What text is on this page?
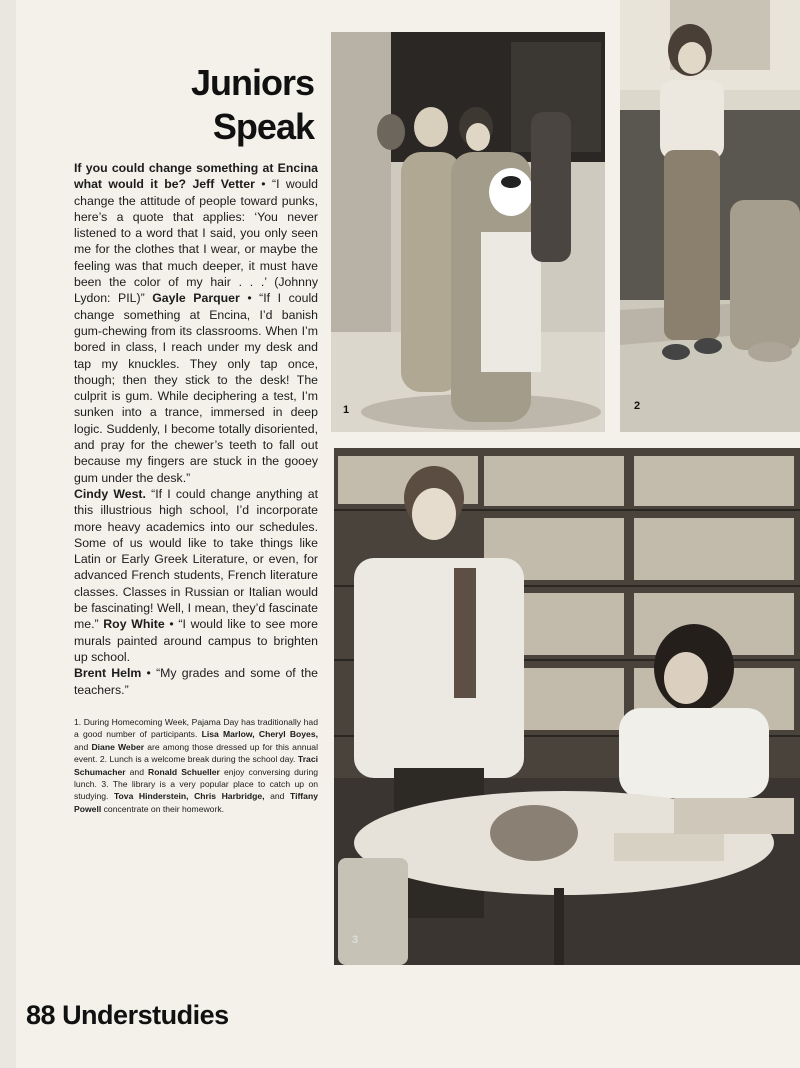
Juniors
Speak

If you could change something at Encina what would it be? Jeff Vetter • “I would change the attitude of people toward punks, here’s a quote that applies: ‘You never listened to a word that I said, you only seen me for the clothes that I wear, or maybe the feeling was that much deeper, it must have been the color of my hair . . .’ (Johnny Lydon: PIL)” Gayle Parquer • “If I could change something at Encina, I’d banish gum-chewing from its classrooms. When I’m bored in class, I reach under my desk and tap my knuckles. They only tap once, though; then they stick to the desk! The culprit is gum. While deciphering a test, I’m sunken into a trance, immersed in deep logic. Suddenly, I become totally disoriented, and pray for the chewer’s teeth to fall out because my fingers are stuck in the gooey gum under the desk.”

Cindy West. “If I could change anything at this illustrious high school, I’d incorporate more heavy academics into our schedules. Some of us would like to take things like Latin or Early Greek Literature, or even, for advanced French students, French literature classes. Classes in Russian or Italian would be fascinating! Well, I mean, they’d fascinate me.” Roy White • “I would like to see more murals painted around campus to brighten up school.

Brent Helm • “My grades and some of the teachers.”

1. During Homecoming Week, Pajama Day has traditionally had a good number of participants. Lisa Marlow, Cheryl Boyes, and Diane Weber are among those dressed up for this annual event. 2. Lunch is a welcome break during the school day. Traci Schumacher and Ronald Schueller enjoy conversing during lunch. 3. The library is a very popular place to catch up on studying. Tova Hinderstein, Chris Harbridge, and Tiffany Powell concentrate on their homework.
1	2
3
88 Understudies
